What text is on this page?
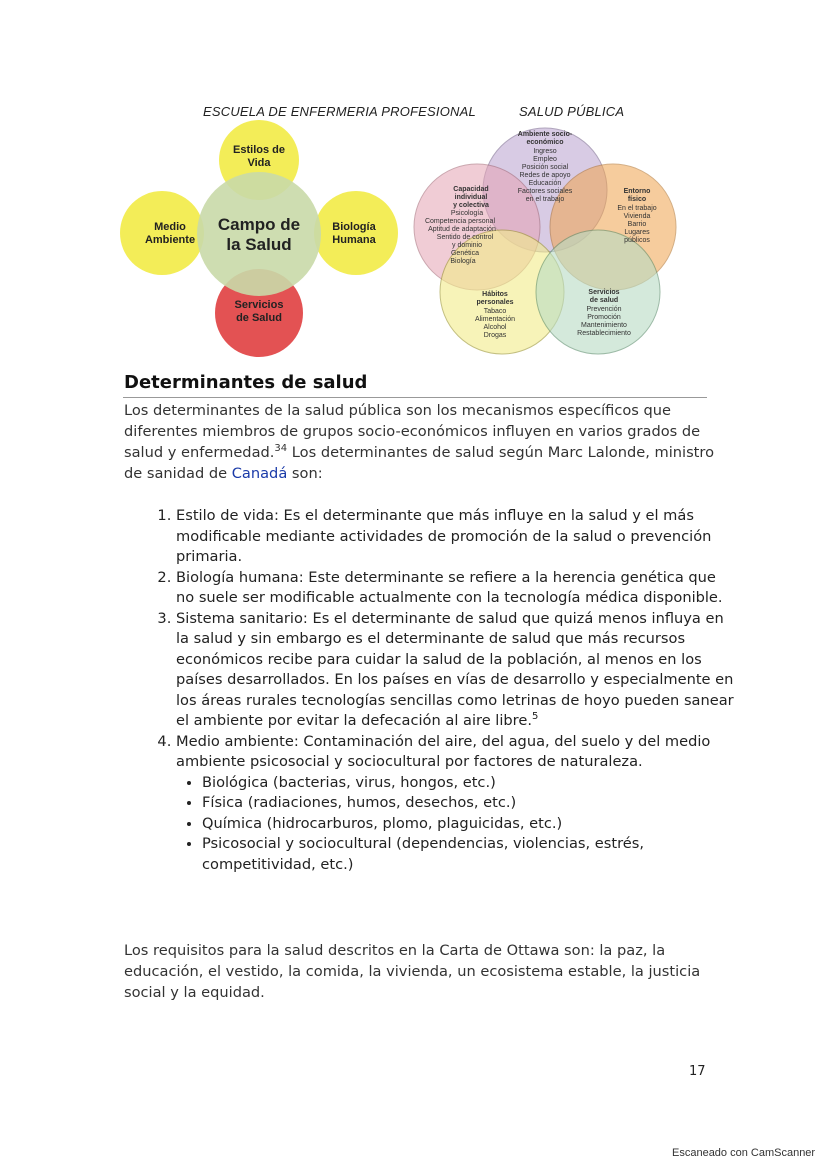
ESCUELA DE ENFERMERIA PROFESIONAL	SALUD PÚBLICA
Estilos de
Vida
Medio
Ambiente
Biología
Humana
Campo de
la Salud
Servicios
de Salud
Ambiente socio-
económico
Ingreso
Empleo
Posición social
Redes de apoyo
Educación
Factores sociales
en el trabajo
Capacidad
individual
y colectiva
Psicología
Competencia personal
Aptitud de adaptación
Sentido de control
y dominio
Genética
Biología
Entorno
físico
En el trabajo
Vivienda
Barrio
Lugares
públicos
Hábitos
personales
Tabaco
Alimentación
Alcohol
Drogas
Servicios
de salud
Prevención
Promoción
Mantenimiento
Restablecimiento
Determinantes de salud
Los determinantes de la salud pública son los mecanismos específicos que diferentes miembros de grupos socio-económicos influyen en varios grados de salud y enfermedad.$^{34}$ Los determinantes de salud según Marc Lalonde, ministro de sanidad de Canadá son:
1. Estilo de vida: Es el determinante que más influye en la salud y el más modificable mediante actividades de promoción de la salud o prevención primaria.
2. Biología humana: Este determinante se refiere a la herencia genética que no suele ser modificable actualmente con la tecnología médica disponible.
3. Sistema sanitario: Es el determinante de salud que quizá menos influya en la salud y sin embargo es el determinante de salud que más recursos económicos recibe para cuidar la salud de la población, al menos en los países desarrollados. En los países en vías de desarrollo y especialmente en los áreas rurales tecnologías sencillas como letrinas de hoyo pueden sanear el ambiente por evitar la defecación al aire libre.$^5$
4. Medio ambiente: Contaminación del aire, del agua, del suelo y del medio ambiente psicosocial y sociocultural por factores de naturaleza.
• Biológica (bacterias, virus, hongos, etc.)
• Física (radiaciones, humos, desechos, etc.)
• Química (hidrocarburos, plomo, plaguicidas, etc.)
• Psicosocial y sociocultural (dependencias, violencias, estrés, competitividad, etc.)
Los requisitos para la salud descritos en la Carta de Ottawa son: la paz, la educación, el vestido, la comida, la vivienda, un ecosistema estable, la justicia social y la equidad.
17
Escaneado con CamScanner
